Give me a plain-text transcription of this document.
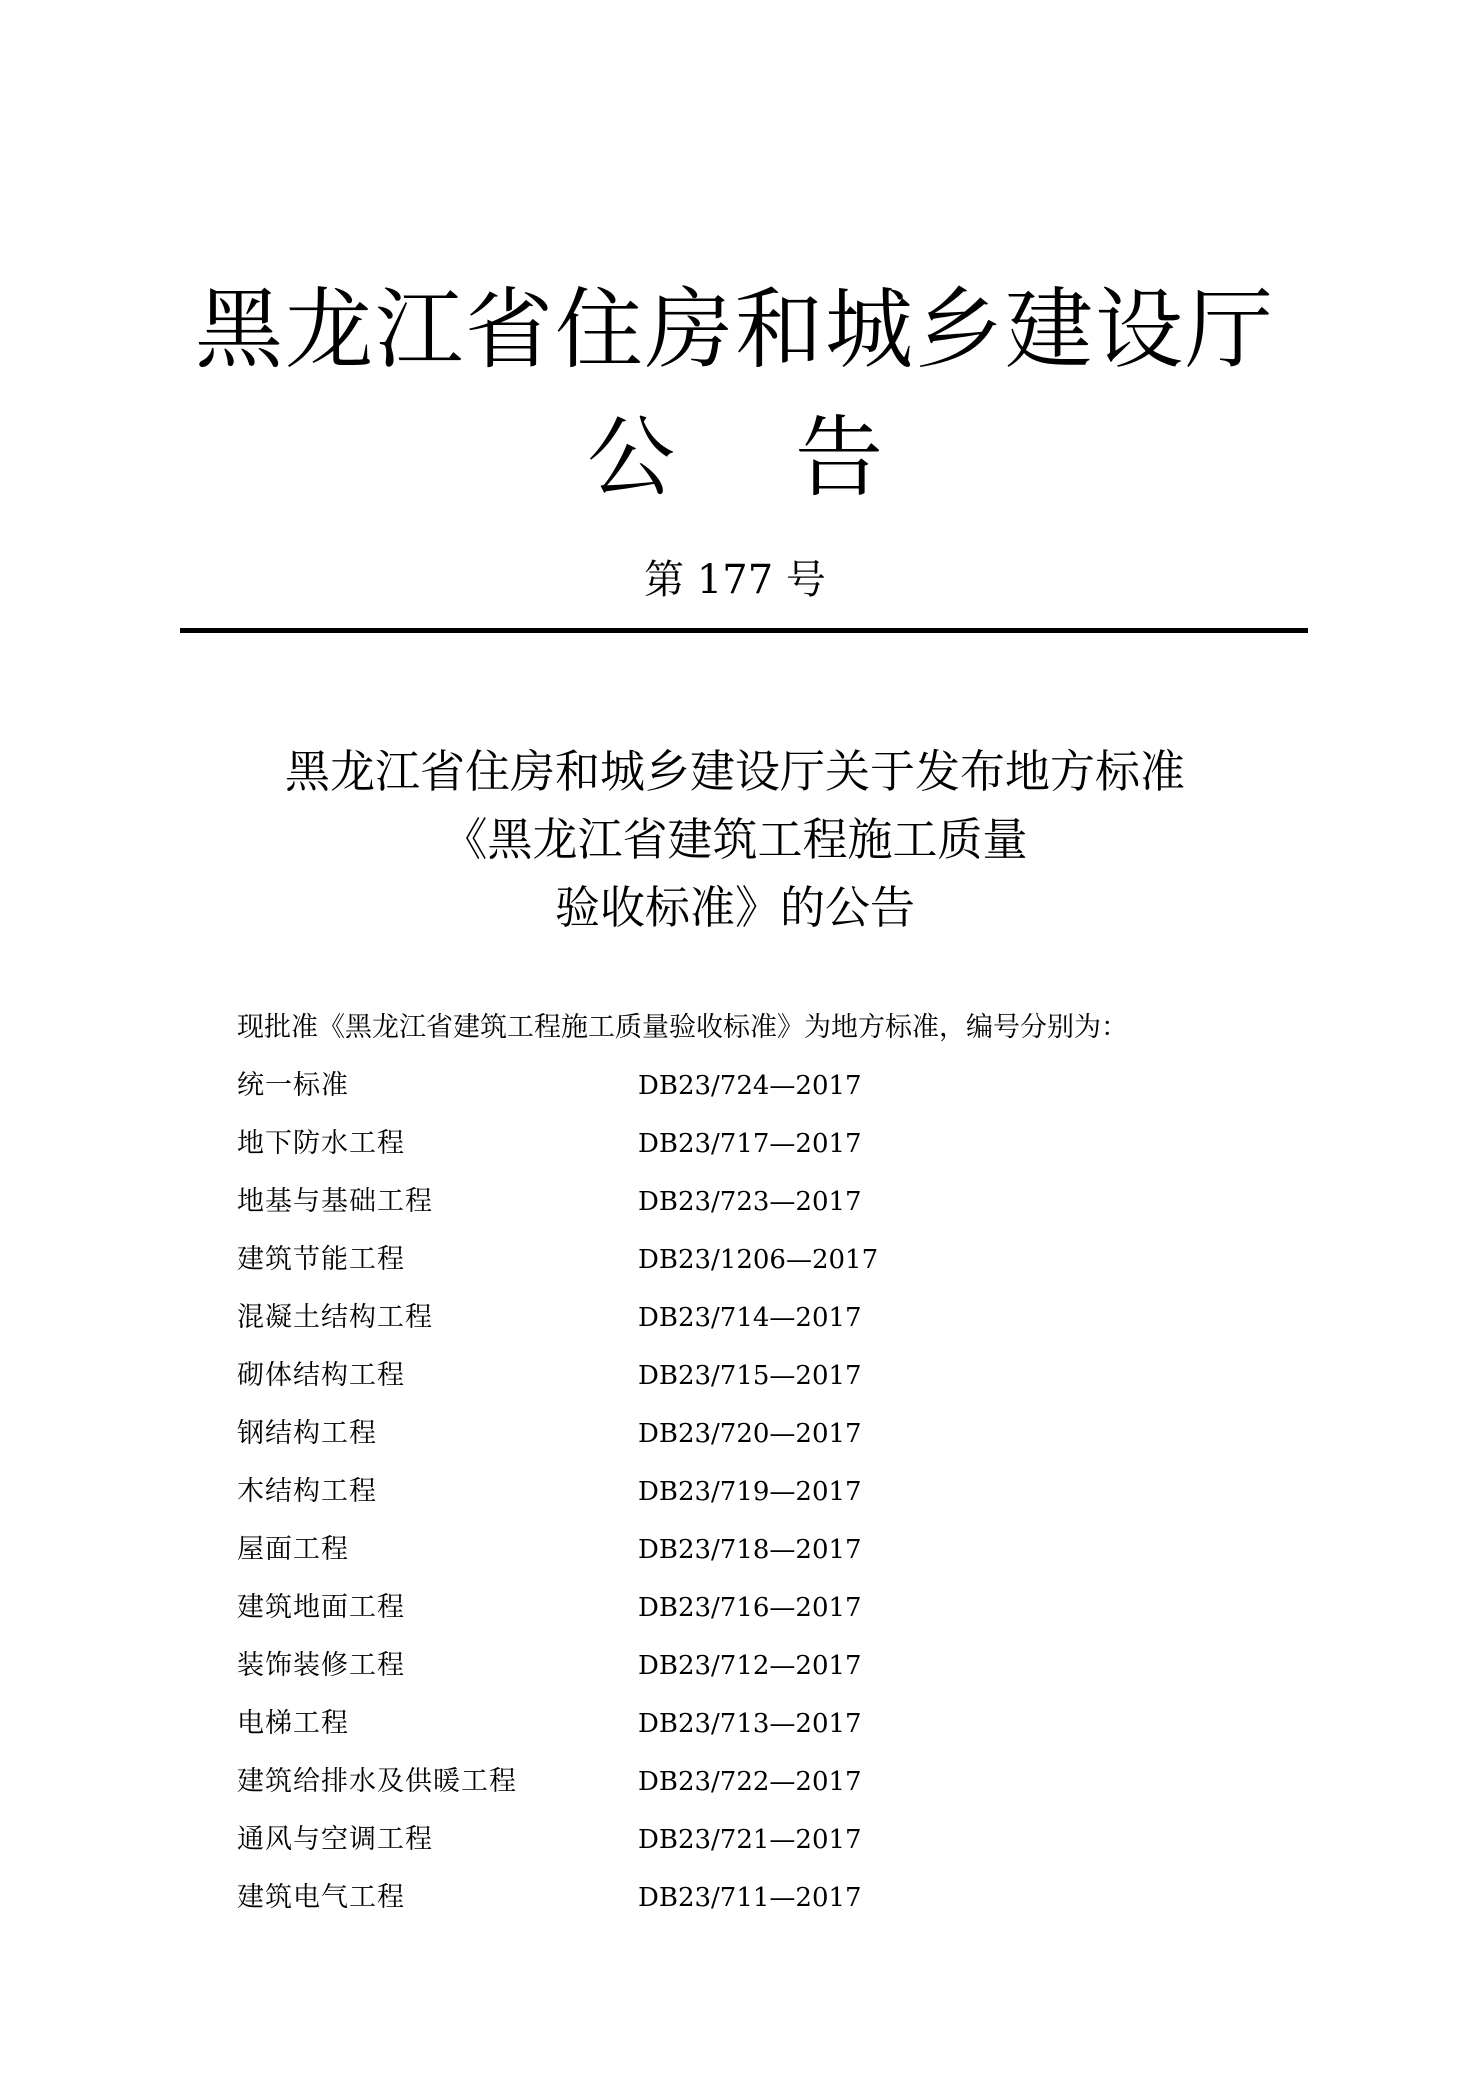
黑龙江省住房和城乡建设厅
公 告
第 177 号
黑龙江省住房和城乡建设厅关于发布地方标准
《黑龙江省建筑工程施工质量
验收标准》的公告
现批准《黑龙江省建筑工程施工质量验收标准》为地方标准，编号分别为：
统一标准	DB23/724—2017
地下防水工程	DB23/717—2017
地基与基础工程	DB23/723—2017
建筑节能工程	DB23/1206—2017
混凝土结构工程	DB23/714—2017
砌体结构工程	DB23/715—2017
钢结构工程	DB23/720—2017
木结构工程	DB23/719—2017
屋面工程	DB23/718—2017
建筑地面工程	DB23/716—2017
装饰装修工程	DB23/712—2017
电梯工程	DB23/713—2017
建筑给排水及供暖工程	DB23/722—2017
通风与空调工程	DB23/721—2017
建筑电气工程	DB23/711—2017
